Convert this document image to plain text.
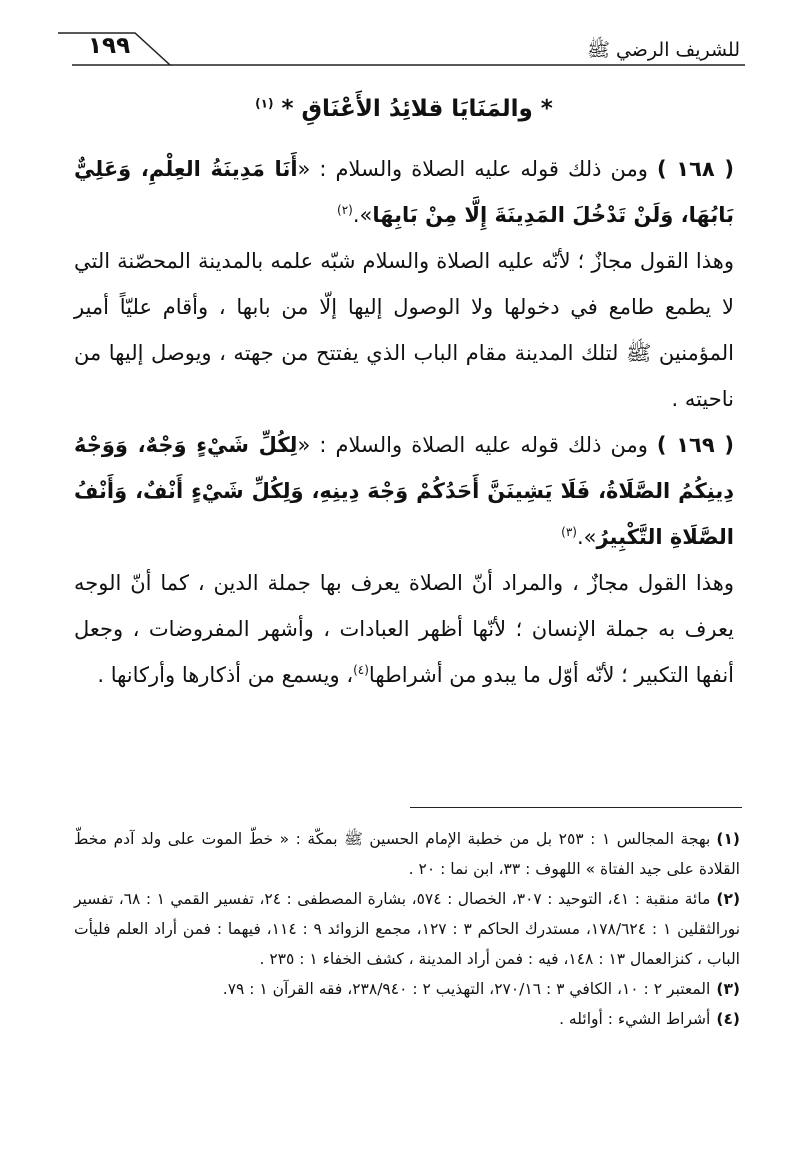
للشريف الرضي ﷺ
١٩٩
* والمَنَايَا قلائِدُ الأَعْنَاقِ * $^{(١)}$

( ١٦٨ ) ومن ذلك قوله عليه الصلاة والسلام : «أَنَا مَدِينَةُ العِلْمِ، وَعَلِيٌّ بَابُهَا، وَلَنْ تَدْخُلَ المَدِينَةَ إِلَّا مِنْ بَابِهَا».$^{(٢)}$

وهذا القول مجازٌ ؛ لأنّه عليه الصلاة والسلام شبّه علمه بالمدينة المحصّنة التي لا يطمع طامع في دخولها ولا الوصول إليها إلّا من بابها ، وأقام عليّاً أمير المؤمنين ﷺ لتلك المدينة مقام الباب الذي يفتتح من جهته ، ويوصل إليها من ناحيته .

( ١٦٩ ) ومن ذلك قوله عليه الصلاة والسلام : «لِكُلِّ شَيْءٍ وَجْهٌ، وَوَجْهُ دِينِكُمُ الصَّلَاةُ، فَلَا يَشِينَنَّ أَحَدُكُمْ وَجْهَ دِينِهِ، وَلِكُلِّ شَيْءٍ أَنْفٌ، وَأَنْفُ الصَّلَاةِ التَّكْبِيرُ».$^{(٣)}$

وهذا القول مجازٌ ، والمراد أنّ الصلاة يعرف بها جملة الدين ، كما أنّ الوجه يعرف به جملة الإنسان ؛ لأنّها أظهر العبادات ، وأشهر المفروضات ، وجعل أنفها التكبير ؛ لأنّه أوّل ما يبدو من أشراطها$^{(٤)}$، ويسمع من أذكارها وأركانها .

(١)بهجة المجالس ١ : ٢٥٣ بل من خطبة الإمام الحسين ﷺ بمكّة : « خطّ الموت على ولد آدم مخطّ القلادة على جيد الفتاة » اللهوف : ٣٣، ابن نما : ٢٠ .

(٢)مائة منقبة : ٤١، التوحيد : ٣٠٧، الخصال : ٥٧٤، بشارة المصطفى : ٢٤، تفسير القمي ١ : ٦٨، تفسير نورالثقلين ١ : ١٧٨/٦٢٤، مستدرك الحاكم ٣ : ١٢٧، مجمع الزوائد ٩ : ١١٤، فيهما : فمن أراد العلم فليأت الباب ، كنزالعمال ١٣ : ١٤٨، فيه : فمن أراد المدينة ، كشف الخفاء ١ : ٢٣٥ .

(٣)المعتبر ٢ : ١٠، الكافي ٣ : ٢٧٠/١٦، التهذيب ٢ : ٢٣٨/٩٤٠، فقه القرآن ١ : ٧٩.

(٤)أشراط الشيء : أوائله .
